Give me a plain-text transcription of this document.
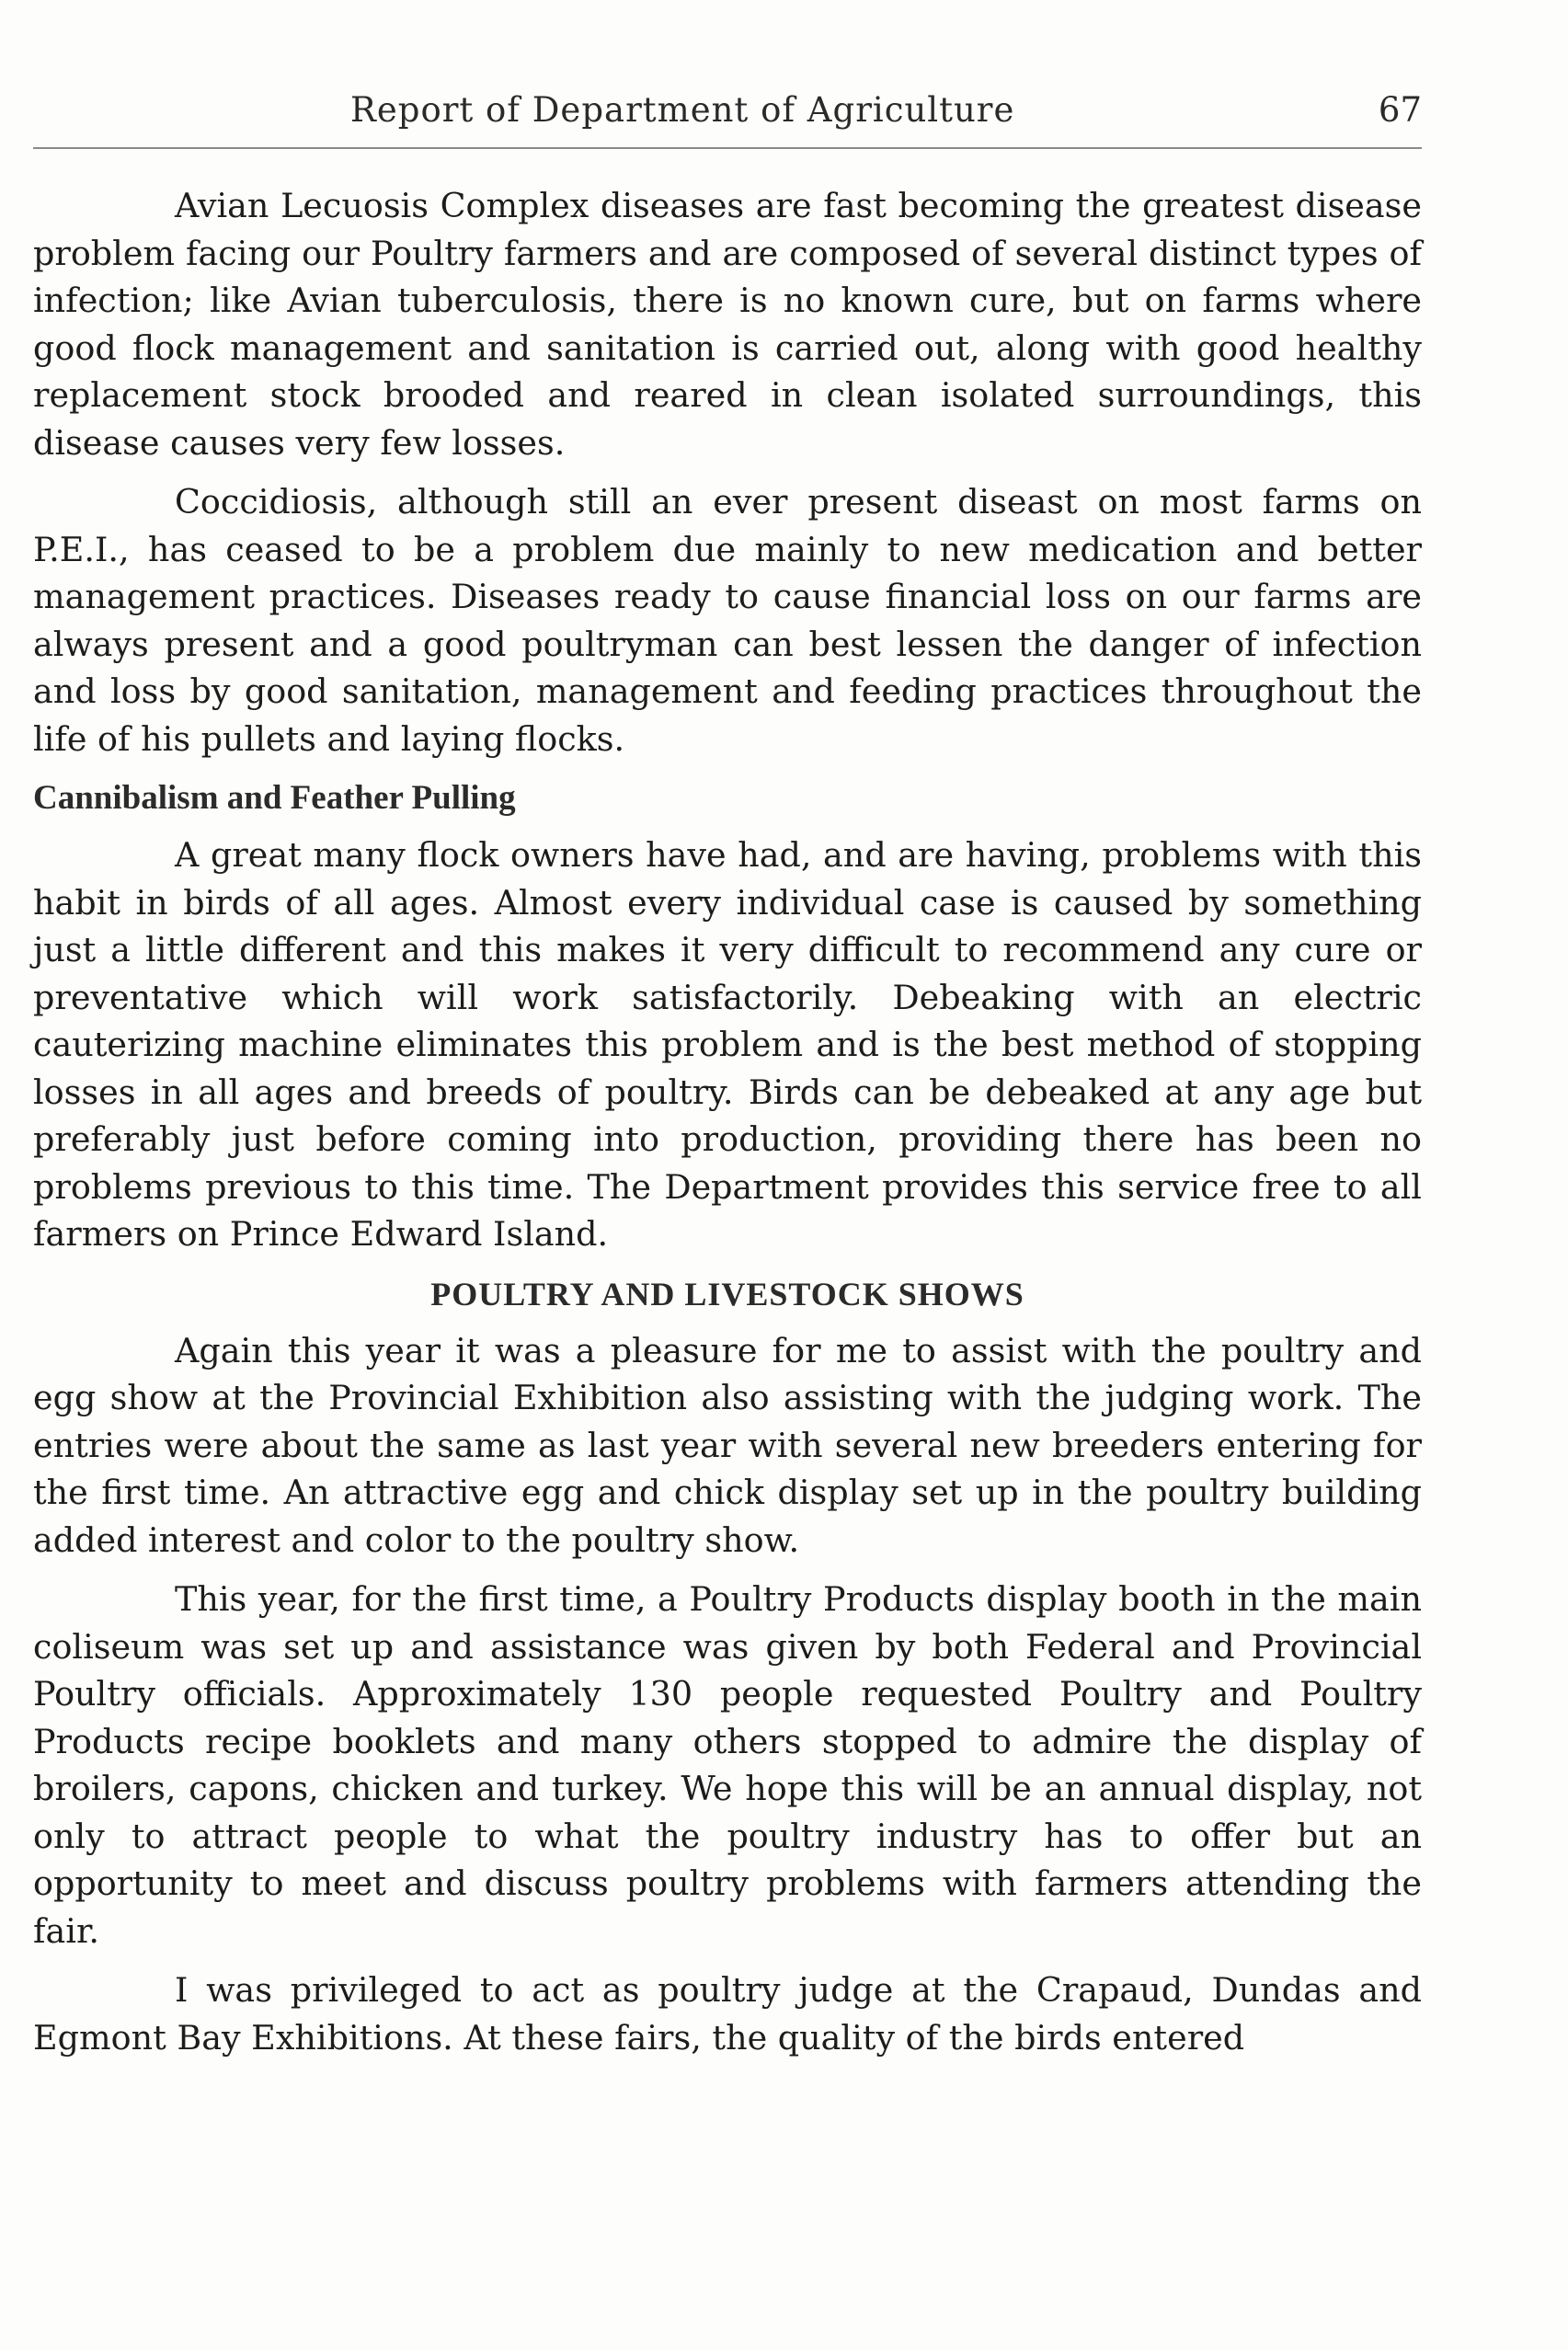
Report of Department of Agriculture	67

Avian Lecuosis Complex diseases are fast becoming the greatest disease problem facing our Poultry farmers and are composed of several distinct types of infection; like Avian tuberculosis, there is no known cure, but on farms where good flock management and sanitation is carried out, along with good healthy replacement stock brooded and reared in clean isolated surroundings, this disease causes very few losses.

Coccidiosis, although still an ever present diseast on most farms on P.E.I., has ceased to be a problem due mainly to new medication and better management practices. Diseases ready to cause financial loss on our farms are always present and a good poultryman can best lessen the danger of infection and loss by good sanitation, management and feeding practices throughout the life of his pullets and laying flocks.

Cannibalism and Feather Pulling

A great many flock owners have had, and are having, problems with this habit in birds of all ages. Almost every individual case is caused by something just a little different and this makes it very difficult to recommend any cure or preventative which will work satisfactorily. Debeaking with an electric cauterizing machine eliminates this problem and is the best method of stopping losses in all ages and breeds of poultry. Birds can be debeaked at any age but preferably just before coming into production, providing there has been no problems previous to this time. The Department provides this service free to all farmers on Prince Edward Island.

POULTRY AND LIVESTOCK SHOWS

Again this year it was a pleasure for me to assist with the poultry and egg show at the Provincial Exhibition also assisting with the judging work. The entries were about the same as last year with several new breeders entering for the first time. An attractive egg and chick display set up in the poultry building added interest and color to the poultry show.

This year, for the first time, a Poultry Products display booth in the main coliseum was set up and assistance was given by both Federal and Provincial Poultry officials. Approximately 130 people requested Poultry and Poultry Products recipe booklets and many others stopped to admire the display of broilers, capons, chicken and turkey. We hope this will be an annual display, not only to attract people to what the poultry industry has to offer but an opportunity to meet and discuss poultry problems with farmers attending the fair.

I was privileged to act as poultry judge at the Crapaud, Dundas and Egmont Bay Exhibitions. At these fairs, the quality of the birds entered
